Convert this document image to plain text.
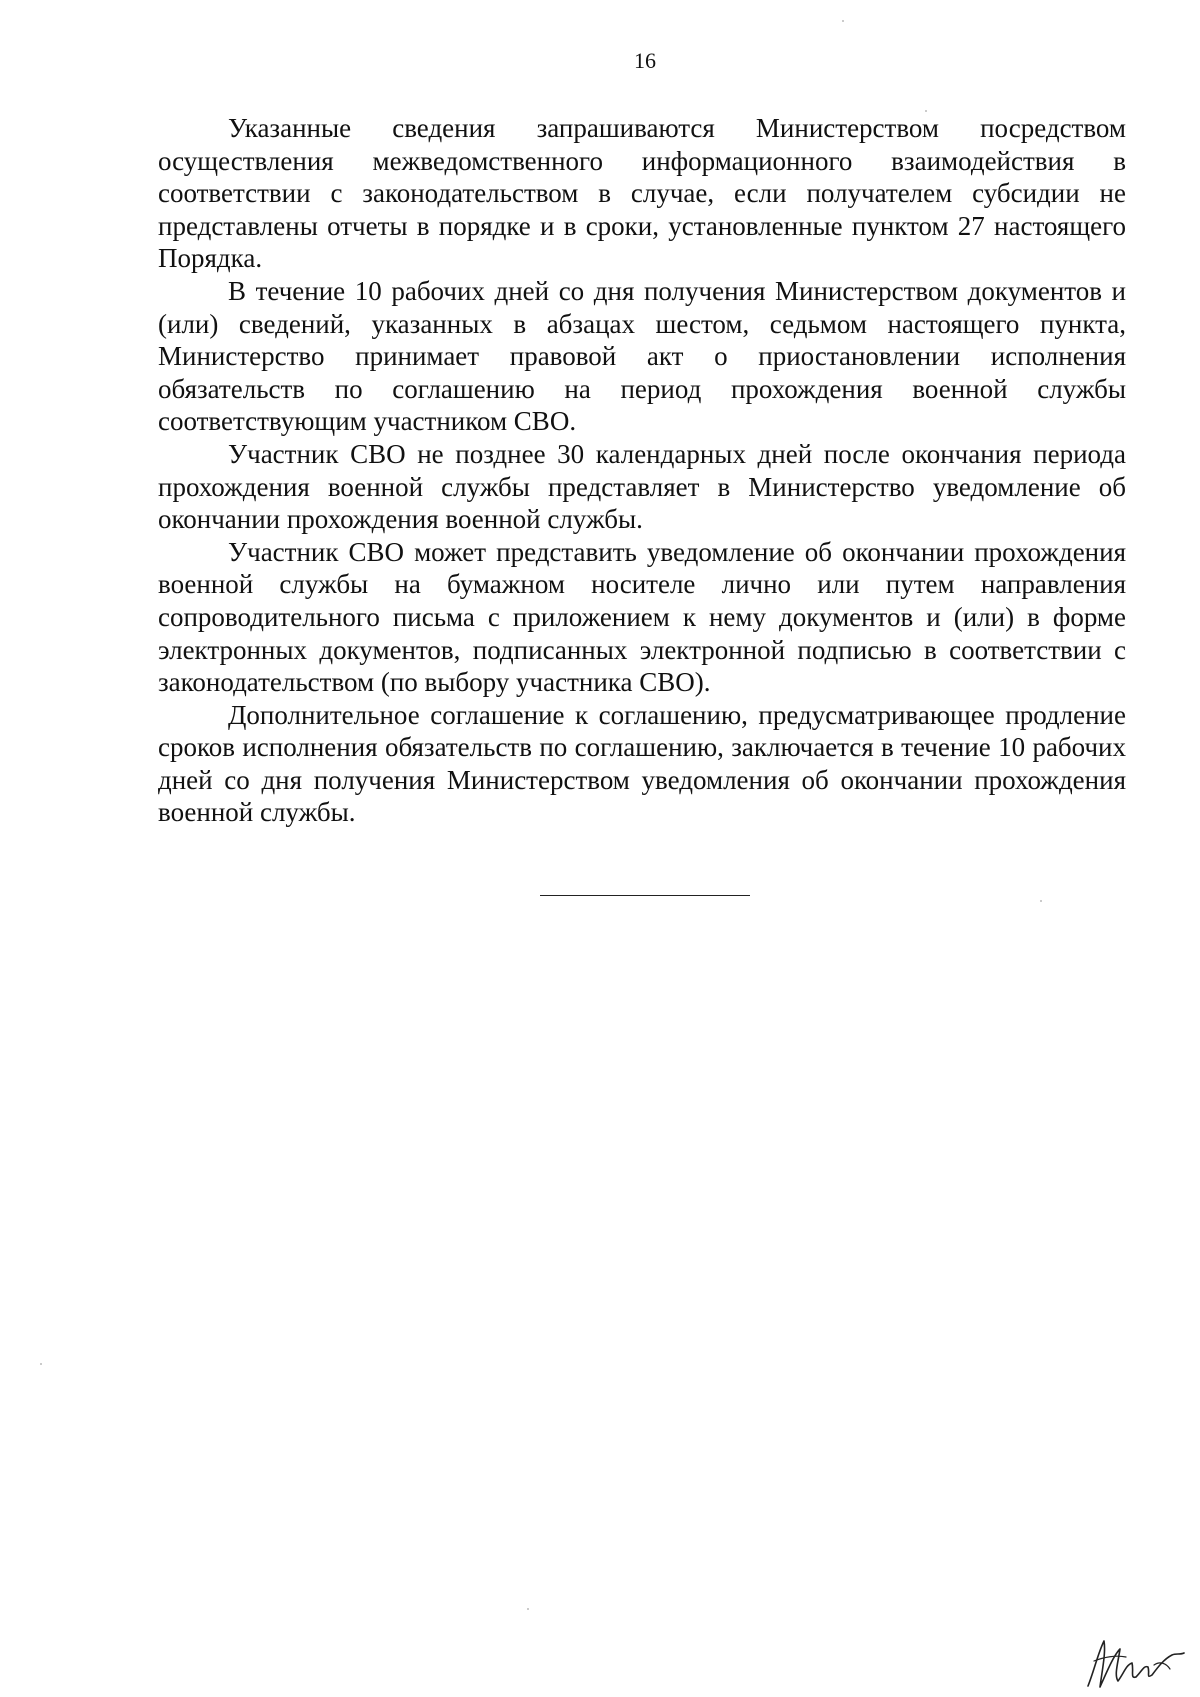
16

Указанные сведения запрашиваются Министерством посредством осуществления межведомственного информационного взаимодействия в соответствии с законодательством в случае, если получателем субсидии не представлены отчеты в порядке и в сроки, установленные пунктом 27 настоящего Порядка.

В течение 10 рабочих дней со дня получения Министерством документов и (или) сведений, указанных в абзацах шестом, седьмом настоящего пункта, Министерство принимает правовой акт о приостановлении исполнения обязательств по соглашению на период прохождения военной службы соответствующим участником СВО.

Участник СВО не позднее 30 календарных дней после окончания периода прохождения военной службы представляет в Министерство уведомление об окончании прохождения военной службы.

Участник СВО может представить уведомление об окончании прохождения военной службы на бумажном носителе лично или путем направления сопроводительного письма с приложением к нему документов и (или) в форме электронных документов, подписанных электронной подписью в соответствии с законодательством (по выбору участника СВО).

Дополнительное соглашение к соглашению, предусматривающее продление сроков исполнения обязательств по соглашению, заключается в течение 10 рабочих дней со дня получения Министерством уведомления об окончании прохождения военной службы.
